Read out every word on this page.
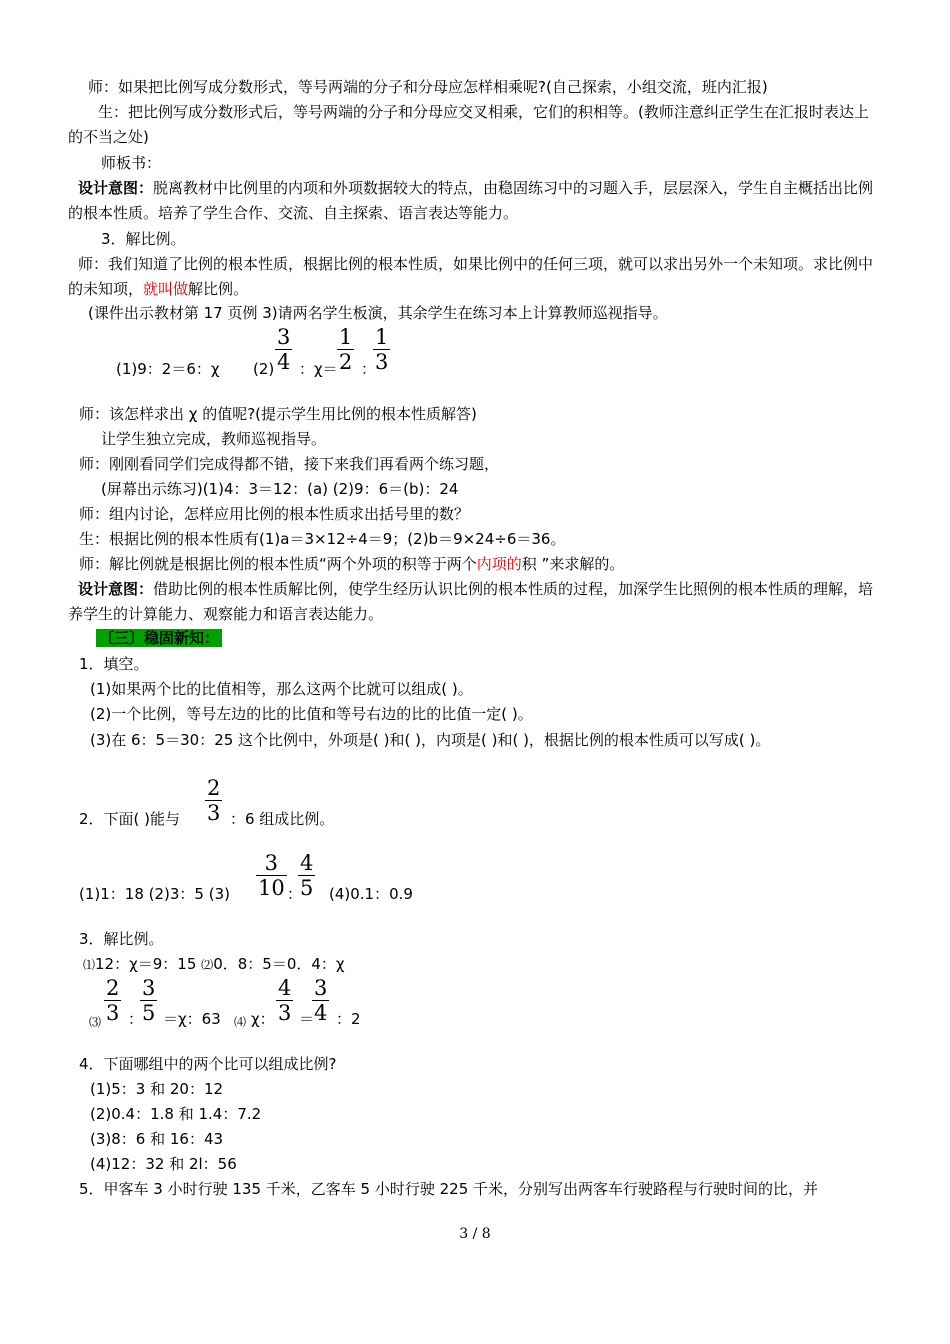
师：如果把比例写成分数形式，等号两端的分子和分母应怎样相乘呢?(自己探索，小组交流，班内汇报)
生：把比例写成分数形式后，等号两端的分子和分母应交叉相乘，它们的积相等。(教师注意纠正学生在汇报时表达上的不当之处)
师板书：
设计意图：脱离教材中比例里的内项和外项数据较大的特点，由稳固练习中的习题入手，层层深入，学生自主概括出比例的根本性质。培养了学生合作、交流、自主探索、语言表达等能力。
3．解比例。
师：我们知道了比例的根本性质，根据比例的根本性质，如果比例中的任何三项，就可以求出另外一个未知项。求比例中的未知项，就叫做解比例。
(课件出示教材第 17 页例 3)请两名学生板演，其余学生在练习本上计算教师巡视指导。
(1)9：2＝6：χ (2)
3
4 ：χ＝
1
2 ：
1
3
师：该怎样求出 χ 的值呢?(提示学生用比例的根本性质解答)
让学生独立完成，教师巡视指导。
师：刚刚看同学们完成得都不错，接下来我们再看两个练习题，
(屏幕出示练习)(1)4：3＝12：(a) (2)9：6＝(b)：24
师：组内讨论，怎样应用比例的根本性质求出括号里的数？
生：根据比例的根本性质有(1)a＝3×12÷4＝9；(2)b＝9×24÷6＝36。
师：解比例就是根据比例的根本性质“两个外项的积等于两个内项的积 ”来求解的。
设计意图：借助比例的根本性质解比例，使学生经历认识比例的根本性质的过程，加深学生比照例的根本性质的理解，培养学生的计算能力、观察能力和语言表达能力。
〔三〕稳固新知：
1．填空。
(1)如果两个比的比值相等，那么这两个比就可以组成( )。
(2)一个比例，等号左边的比的比值和等号右边的比的比值一定( )。
(3)在 6：5＝30：25 这个比例中，外项是( )和( )，内项是( )和( )，根据比例的根本性质可以写成( )。
2
3
2．下面( )能与	：6 组成比例。
(1)1：18 (2)3：5 (3)
3
10 ：
4
5 (4)0.1：0.9
3．解比例。
⑴12：χ＝9：15 ⑵0．8：5＝0．4：χ
⑶
2
3 ：
3
5 ＝χ：63 ⑷ χ：
4
3 ＝
3
4 ：2
4．下面哪组中的两个比可以组成比例?
(1)5：3 和 20：12
(2)0.4：1.8 和 1.4：7.2
(3)8：6 和 16：43
(4)12：32 和 2l：56
5．甲客车 3 小时行驶 135 千米，乙客车 5 小时行驶 225 千米，分别写出两客车行驶路程与行驶时间的比，并
3 / 8
